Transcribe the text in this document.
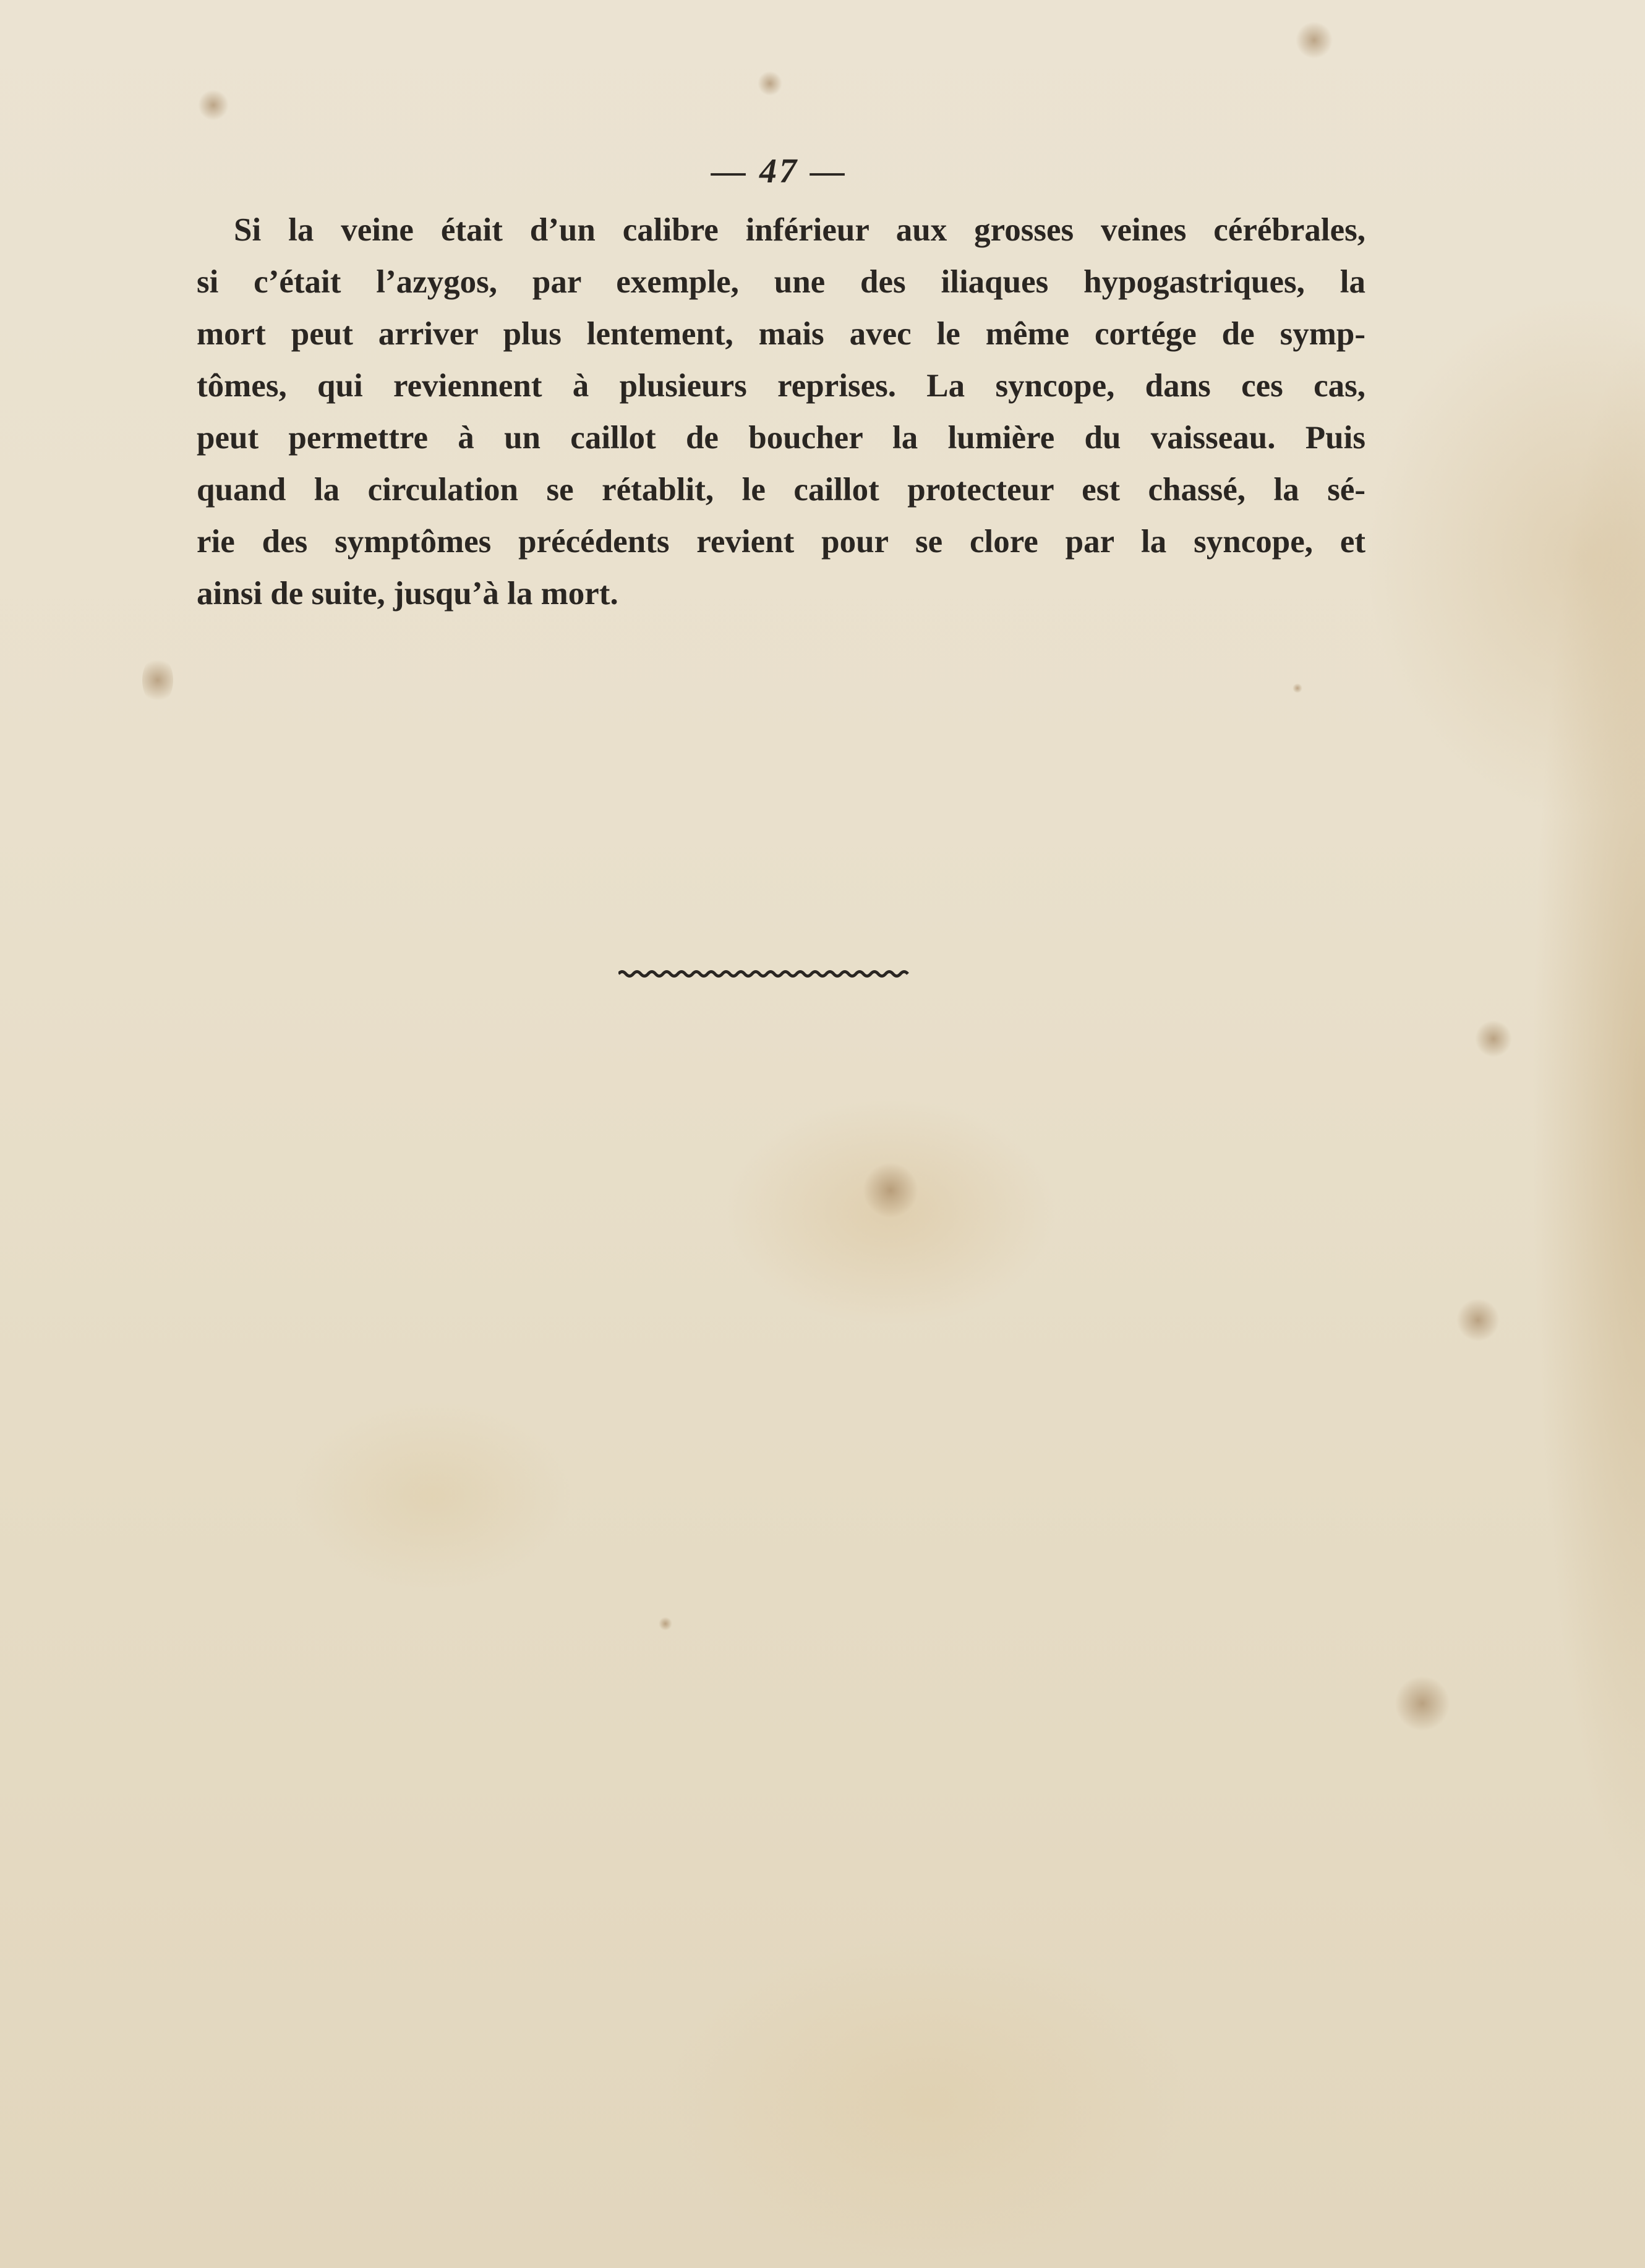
— 47 —
Si la veine était d’un calibre inférieur aux grosses veines cérébrales,
si c’était l’azygos, par exemple, une des iliaques hypogastriques, la
mort peut arriver plus lentement, mais avec le même cortége de symp-
tômes, qui reviennent à plusieurs reprises. La syncope, dans ces cas,
peut permettre à un caillot de boucher la lumière du vaisseau. Puis
quand la circulation se rétablit, le caillot protecteur est chassé, la sé-
rie des symptômes précédents revient pour se clore par la syncope, et
ainsi de suite, jusqu’à la mort.
